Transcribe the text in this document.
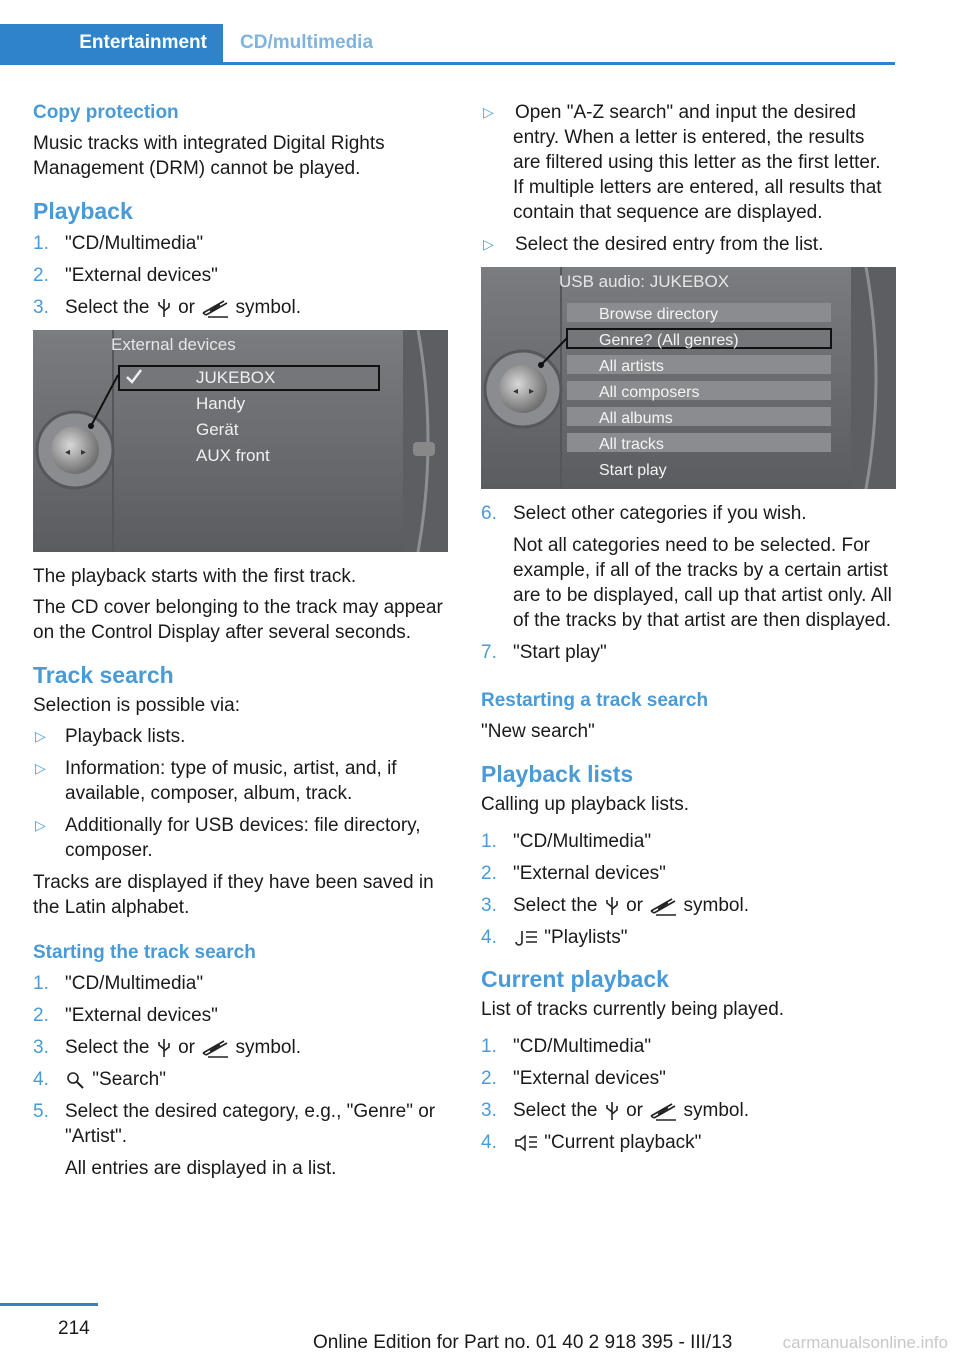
Entertainment	CD/multimedia

Copy protection

Music tracks with integrated Digital Rights Management (DRM) cannot be played.

Playback

1. "CD/Multimedia"
2. "External devices"
3. Select the or symbol.
◂ ▸
External devices
JUKEBOX
Handy
Gerät
AUX front

The playback starts with the first track.

The CD cover belonging to the track may appear on the Control Display after several seconds.

Track search

Selection is possible via:

▷ Playback lists.
▷ Information: type of music, artist, and, if available, composer, album, track.
▷ Additionally for USB devices: file directory, composer.

Tracks are displayed if they have been saved in the Latin alphabet.

Starting the track search

1. "CD/Multimedia"
2. "External devices"
3. Select the or symbol.
4. "Search"
5. Select the desired category, e.g., "Genre" or "Artist".
All entries are displayed in a list.
▷ Open "A-Z search" and input the desired entry. When a letter is entered, the results are filtered using this letter as the first letter. If multiple letters are entered, all results that contain that sequence are displayed.
▷ Select the desired entry from the list.
◂ ▸
USB audio: JUKEBOX
Browse directory
Genre? (All genres)
All artists
All composers
All albums
All tracks
Start play
6. Select other categories if you wish.
Not all categories need to be selected. For example, if all of the tracks by a certain artist are to be displayed, call up that artist only. All of the tracks by that artist are then displayed.
7. "Start play"

Restarting a track search

"New search"

Playback lists

Calling up playback lists.

1. "CD/Multimedia"
2. "External devices"
3. Select the or symbol.
4. "Playlists"

Current playback

List of tracks currently being played.

1. "CD/Multimedia"
2. "External devices"
3. Select the or symbol.
4. "Current playback"
214
Online Edition for Part no. 01 40 2 918 395 - III/13	carmanualsonline.info
